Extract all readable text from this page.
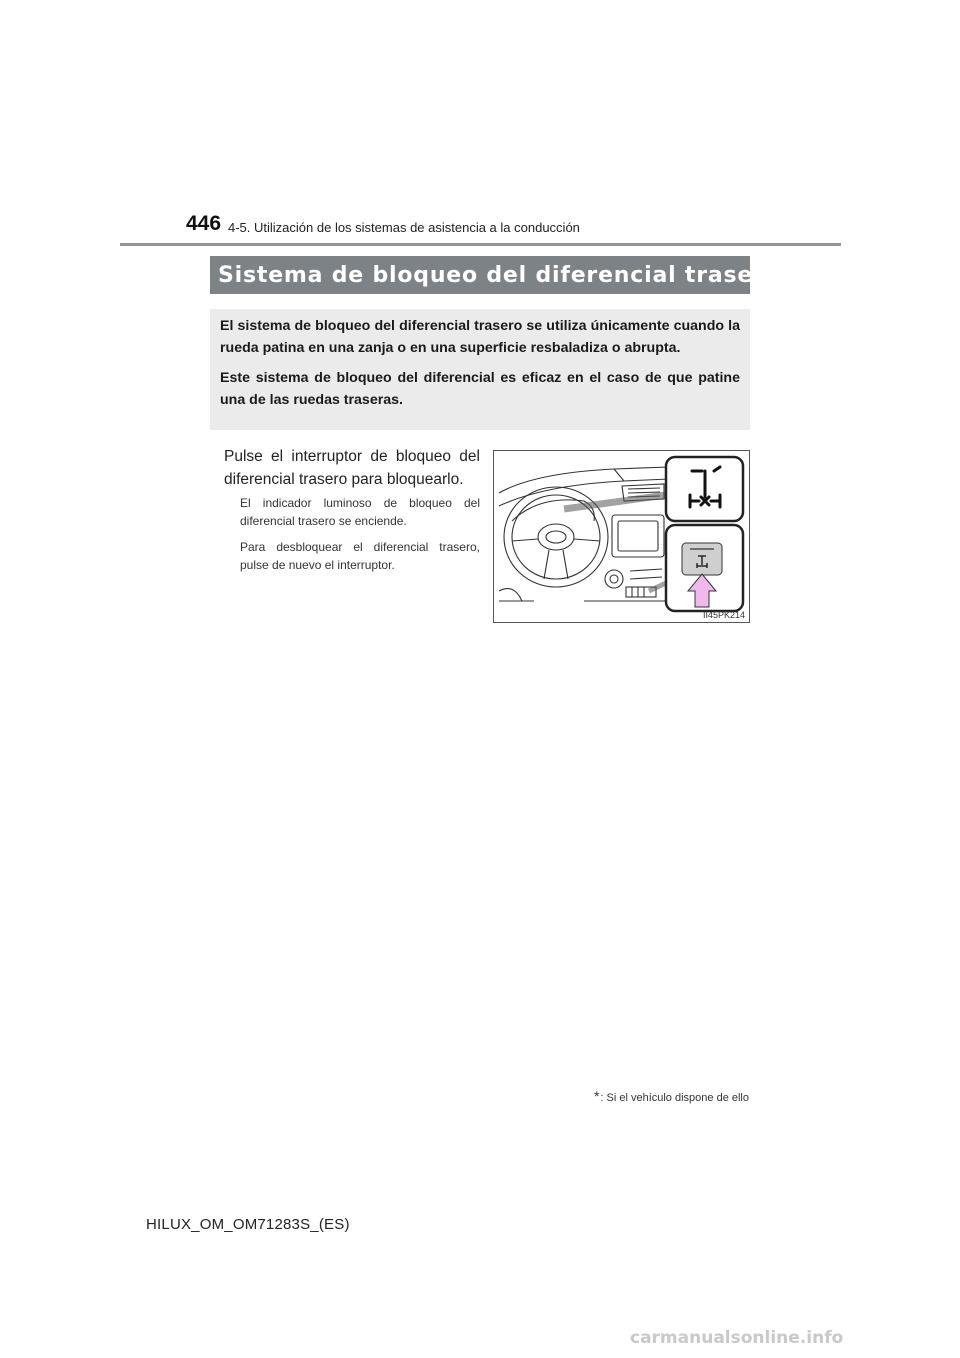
446 4-5. Utilización de los sistemas de asistencia a la conducción
Sistema de bloqueo del diferencial trasero *

El sistema de bloqueo del diferencial trasero se utiliza únicamente cuando la rueda patina en una zanja o en una superficie resbaladiza o abrupta.

Este sistema de bloqueo del diferencial es eficaz en el caso de que patine una de las ruedas traseras.

Pulse el interruptor de bloqueo del diferencial trasero para bloquearlo.
El indicador luminoso de bloqueo del diferencial trasero se enciende.
Para desbloquear el diferencial trasero, pulse de nuevo el interruptor.
II45PK214
*: Si el vehículo dispone de ello
HILUX_OM_OM71283S_(ES)
carmanualsonline.info
